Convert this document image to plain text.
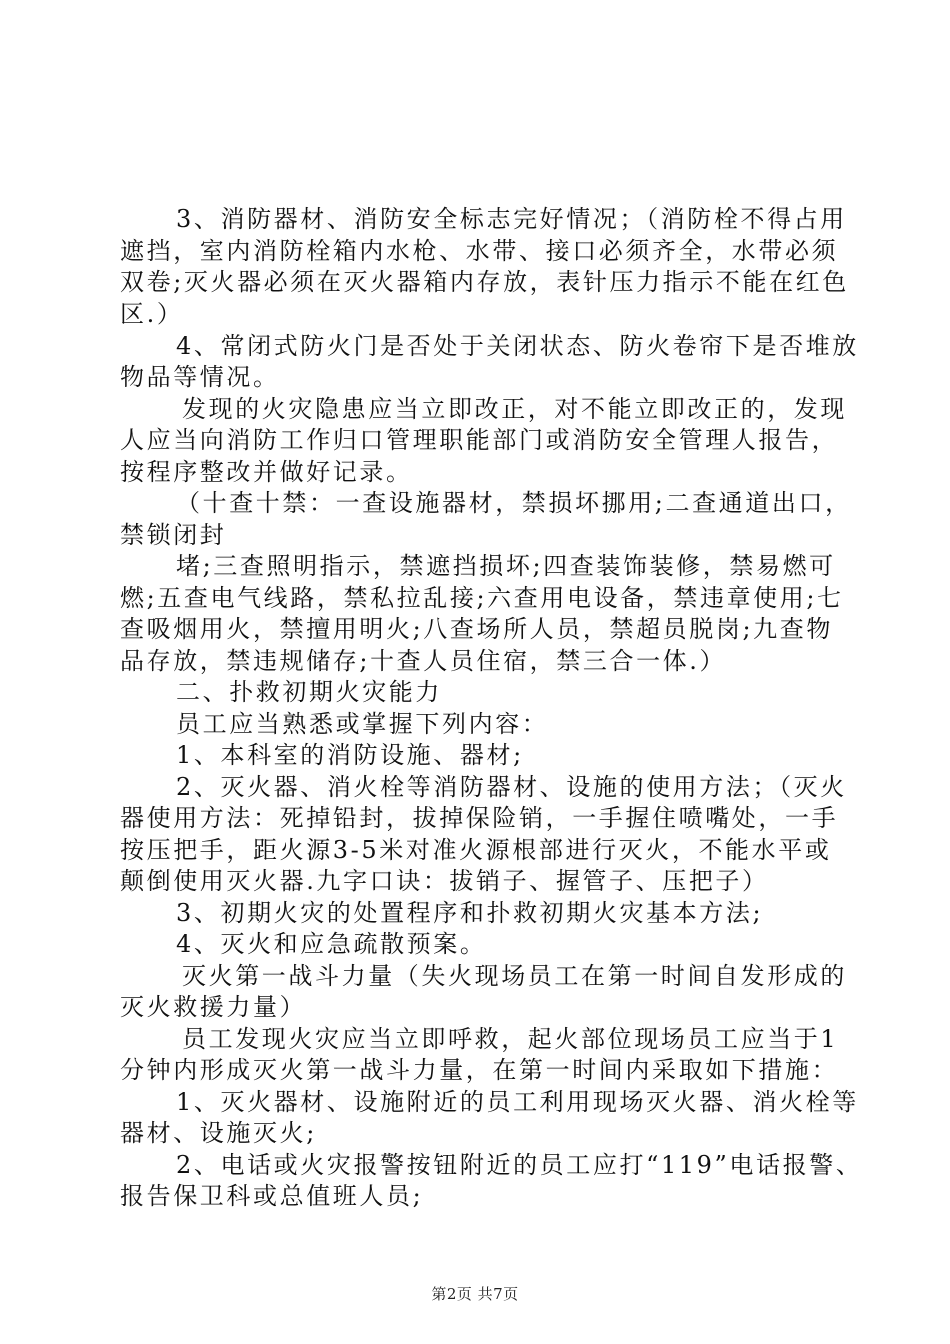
3、消防器材、消防安全标志完好情况；（消防栓不得占用
遮挡，室内消防栓箱内水枪、水带、接口必须齐全，水带必须
双卷;灭火器必须在灭火器箱内存放，表针压力指示不能在红色
区.）
4、常闭式防火门是否处于关闭状态、防火卷帘下是否堆放
物品等情况。
发现的火灾隐患应当立即改正，对不能立即改正的，发现
人应当向消防工作归口管理职能部门或消防安全管理人报告，
按程序整改并做好记录。
（十查十禁：一查设施器材，禁损坏挪用;二查通道出口，
禁锁闭封
堵;三查照明指示，禁遮挡损坏;四查装饰装修，禁易燃可
燃;五查电气线路，禁私拉乱接;六查用电设备，禁违章使用;七
查吸烟用火，禁擅用明火;八查场所人员，禁超员脱岗;九查物
品存放，禁违规储存;十查人员住宿，禁三合一体.）
二、扑救初期火灾能力
员工应当熟悉或掌握下列内容：
1、本科室的消防设施、器材;
2、灭火器、消火栓等消防器材、设施的使用方法；（灭火
器使用方法：死掉铅封，拔掉保险销，一手握住喷嘴处，一手
按压把手，距火源3-5米对准火源根部进行灭火，不能水平或
颠倒使用灭火器.九字口诀：拔销子、握管子、压把子）
3、初期火灾的处置程序和扑救初期火灾基本方法;
4、灭火和应急疏散预案。
灭火第一战斗力量（失火现场员工在第一时间自发形成的
灭火救援力量）
员工发现火灾应当立即呼救，起火部位现场员工应当于1
分钟内形成灭火第一战斗力量，在第一时间内采取如下措施：
1、灭火器材、设施附近的员工利用现场灭火器、消火栓等
器材、设施灭火;
2、电话或火灾报警按钮附近的员工应打“119”电话报警、
报告保卫科或总值班人员;
第2页 共7页
